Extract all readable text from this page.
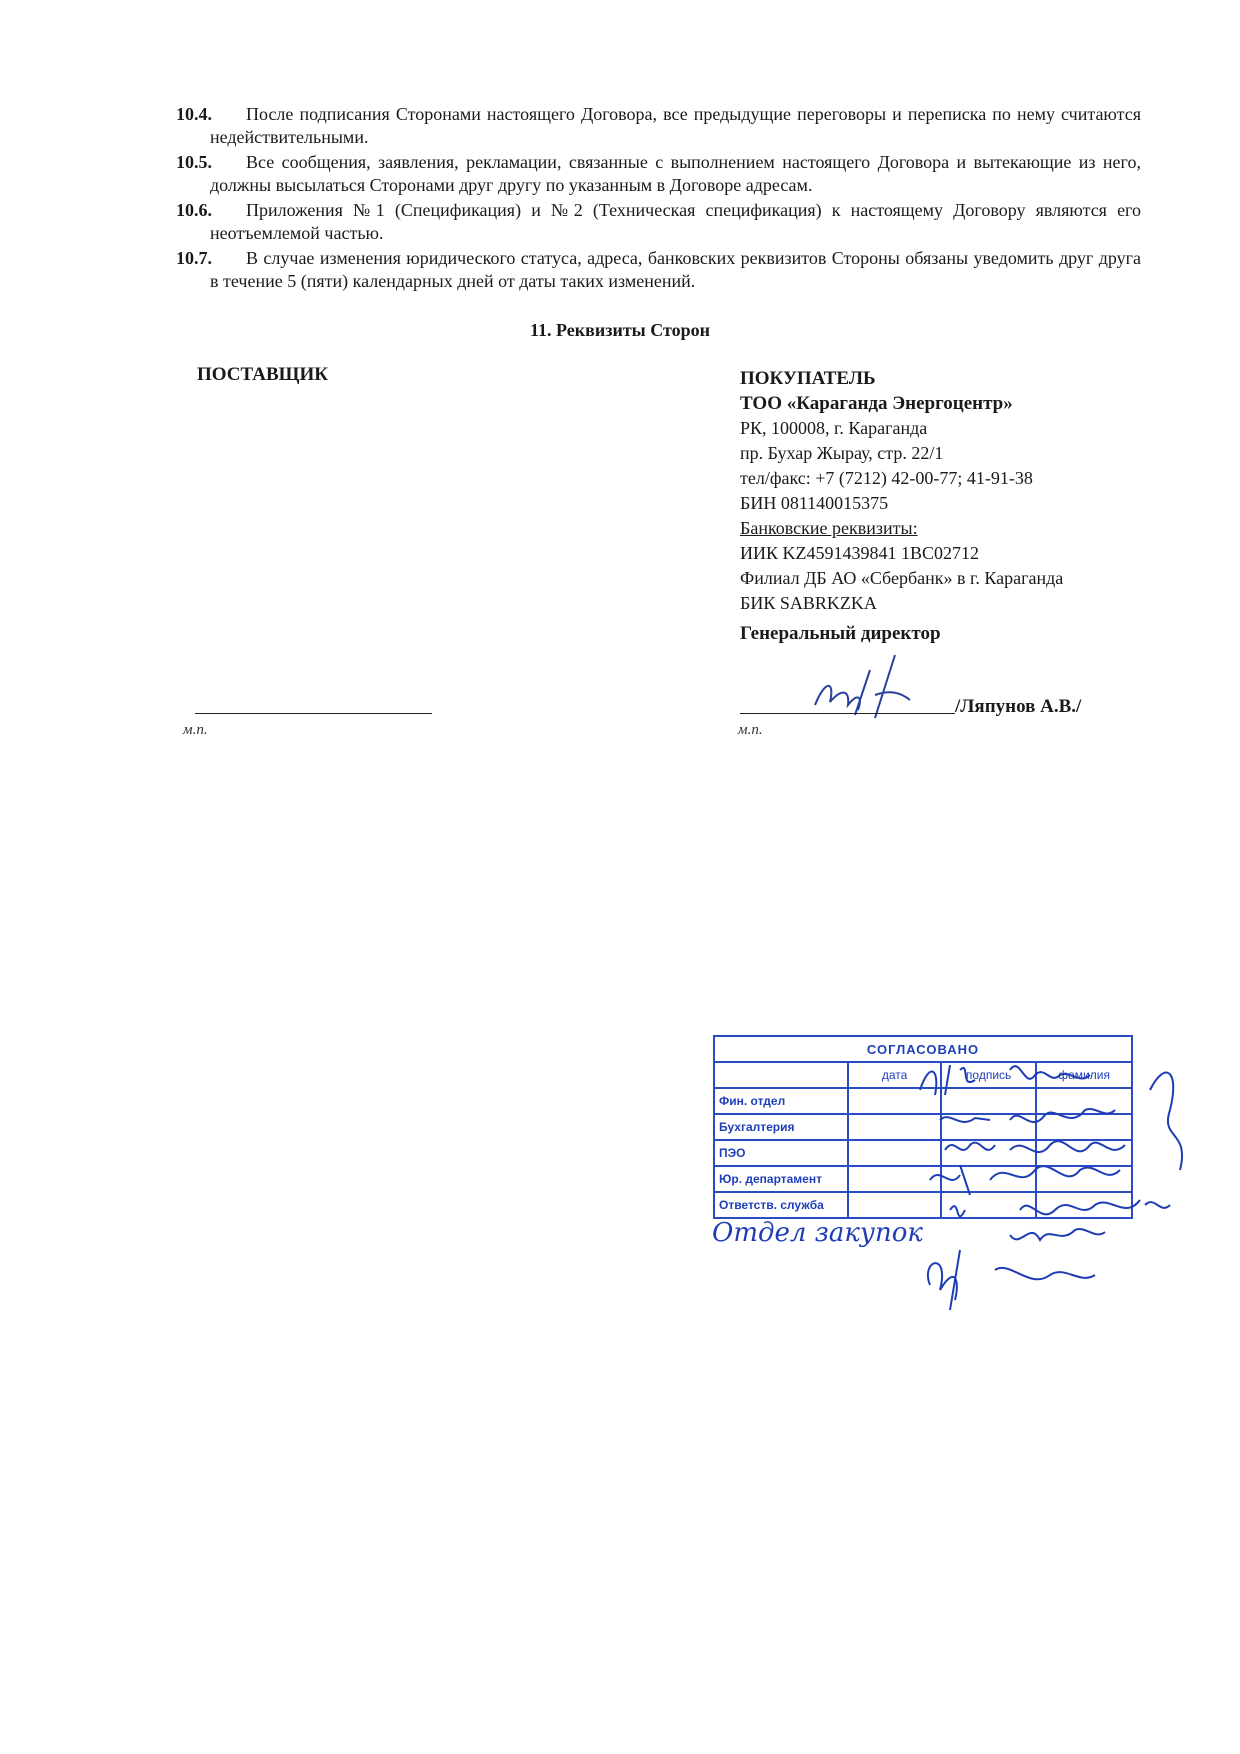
10.4.	После подписания Сторонами настоящего Договора, все предыдущие переговоры и переписка по нему считаются недействительными.
10.5.	Все сообщения, заявления, рекламации, связанные с выполнением настоящего Договора и вытекающие из него, должны высылаться Сторонами друг другу по указанным в Договоре адресам.
10.6.	Приложения №1 (Спецификация) и №2 (Техническая спецификация) к настоящему Договору являются его неотъемлемой частью.
10.7.	В случае изменения юридического статуса, адреса, банковских реквизитов Стороны обязаны уведомить друг друга в течение 5 (пяти) календарных дней от даты таких изменений.
11. Реквизиты Сторон
ПОСТАВЩИК
м.п.
ПОКУПАТЕЛЬ
ТОО «Караганда Энергоцентр»
РК, 100008, г. Караганда
пр. Бухар Жырау, стр. 22/1
тел/факс: +7 (7212) 42-00-77; 41-91-38
БИН 081140015375
Банковские реквизиты:
ИИК KZ4591439841 1BC02712
Филиал ДБ АО «Сбербанк» в г. Караганда
БИК SABRKZKA
Генеральный директор
/Ляпунов А.В./
м.п.
СОГЛАСОВАНО			
	дата	подпись	фамилия
Фин. отдел			
Бухгалтерия			
ПЭО			
Юр. департамент			
Ответств. служба			
Отдел закупок
